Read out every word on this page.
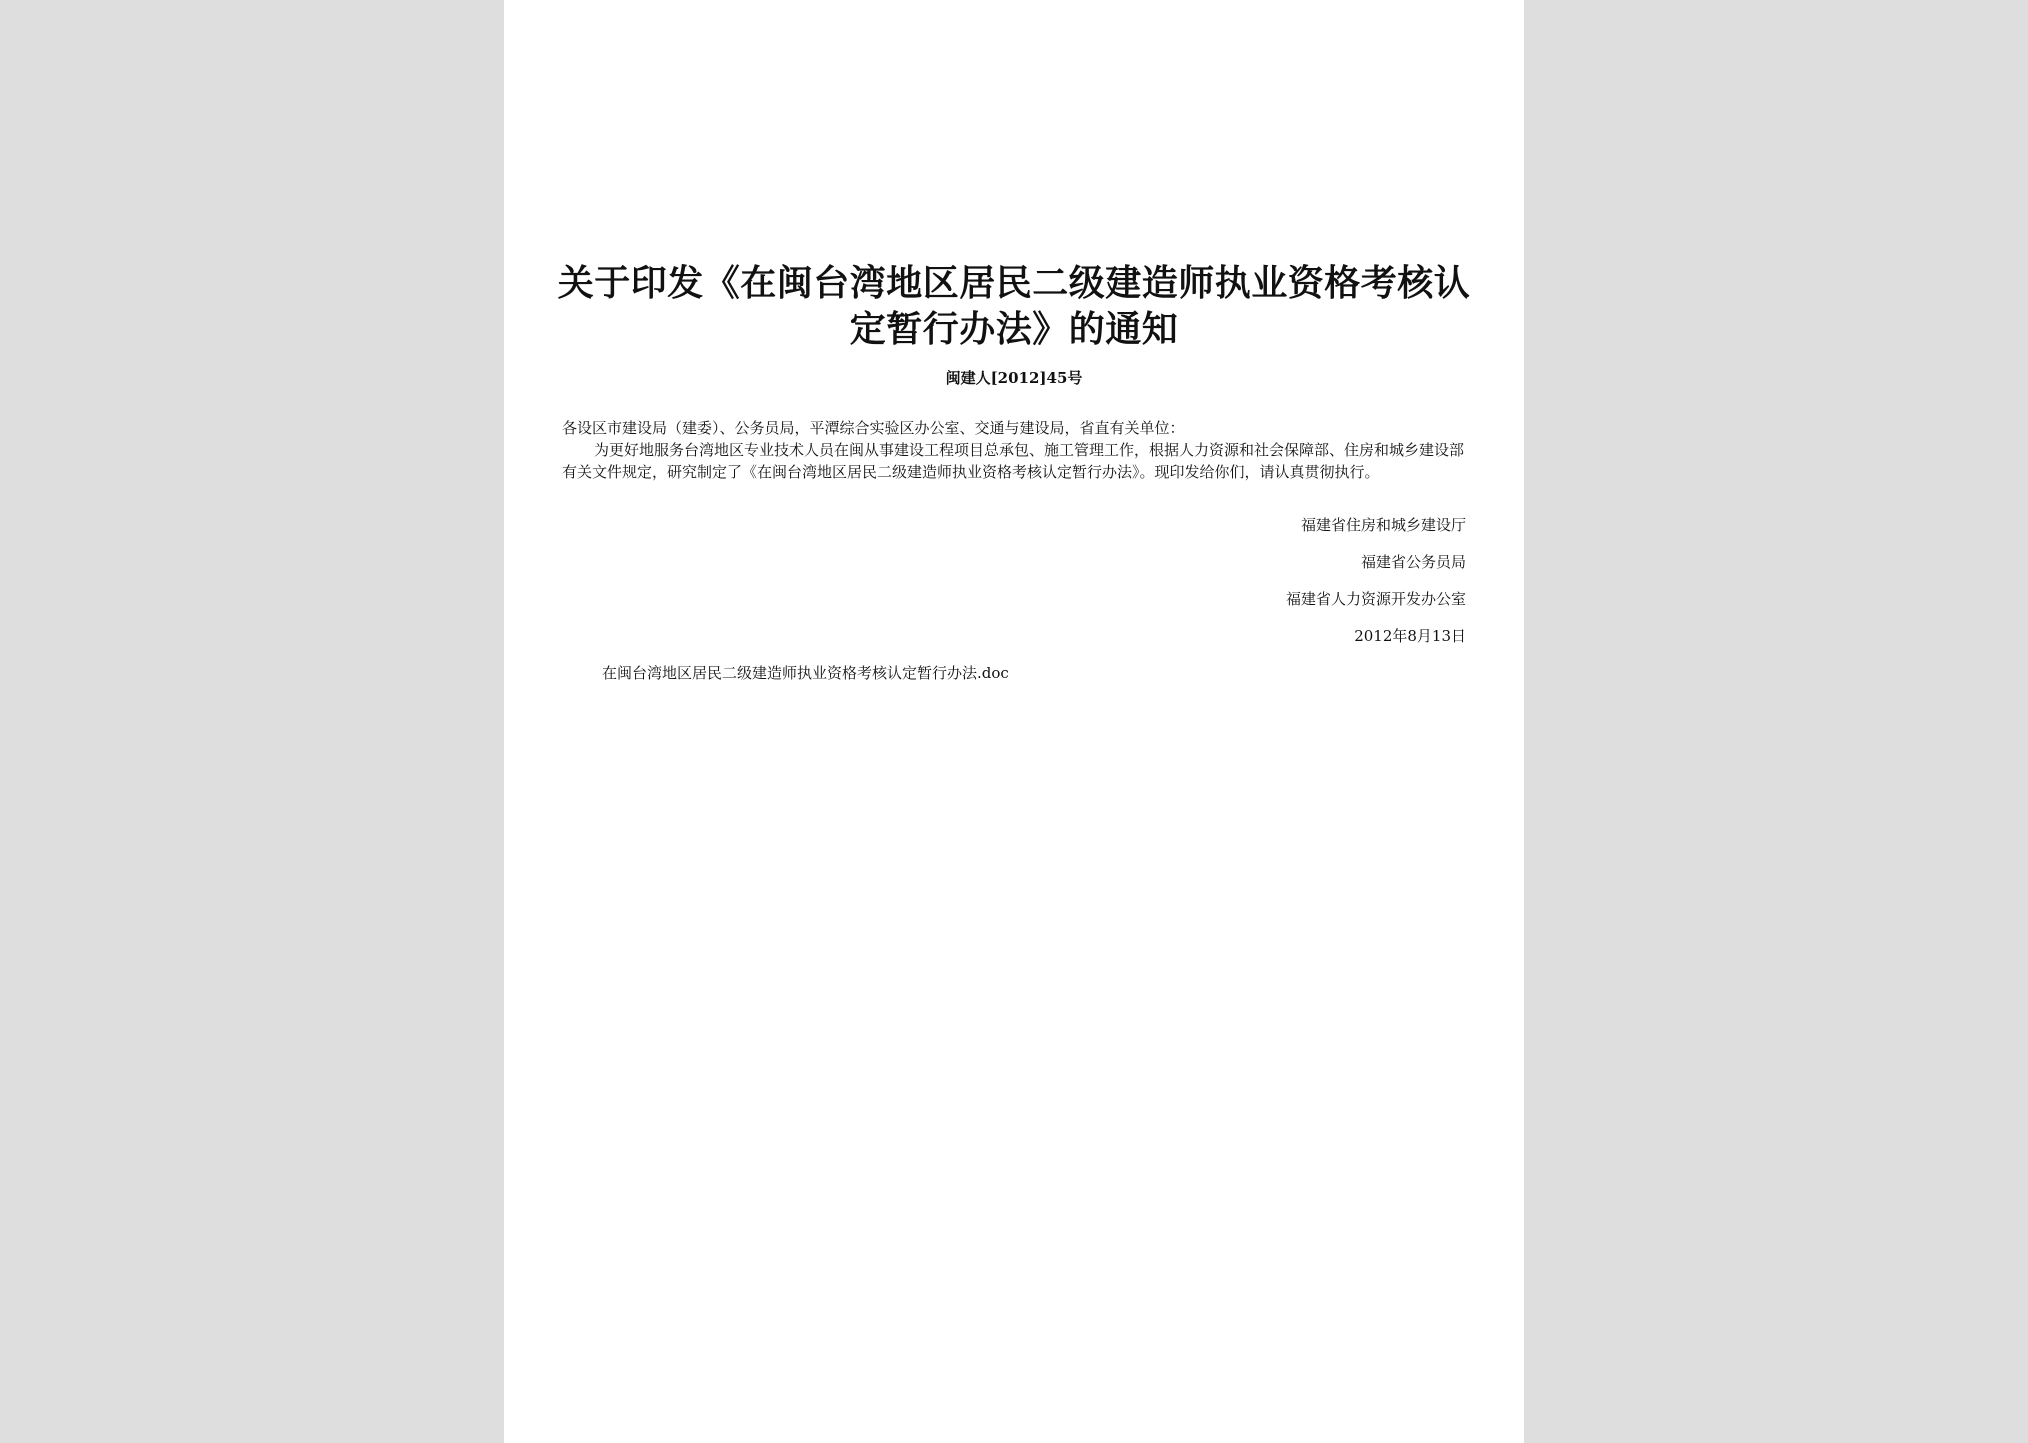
关于印发《在闽台湾地区居民二级建造师执业资格考核认定暂行办法》的通知
闽建人[2012]45号

各设区市建设局（建委）、公务员局，平潭综合实验区办公室、交通与建设局，省直有关单位：

为更好地服务台湾地区专业技术人员在闽从事建设工程项目总承包、施工管理工作，根据人力资源和社会保障部、住房和城乡建设部有关文件规定，研究制定了《在闽台湾地区居民二级建造师执业资格考核认定暂行办法》。现印发给你们，请认真贯彻执行。

福建省住房和城乡建设厅
福建省公务员局
福建省人力资源开发办公室
2012年8月13日
在闽台湾地区居民二级建造师执业资格考核认定暂行办法.doc
